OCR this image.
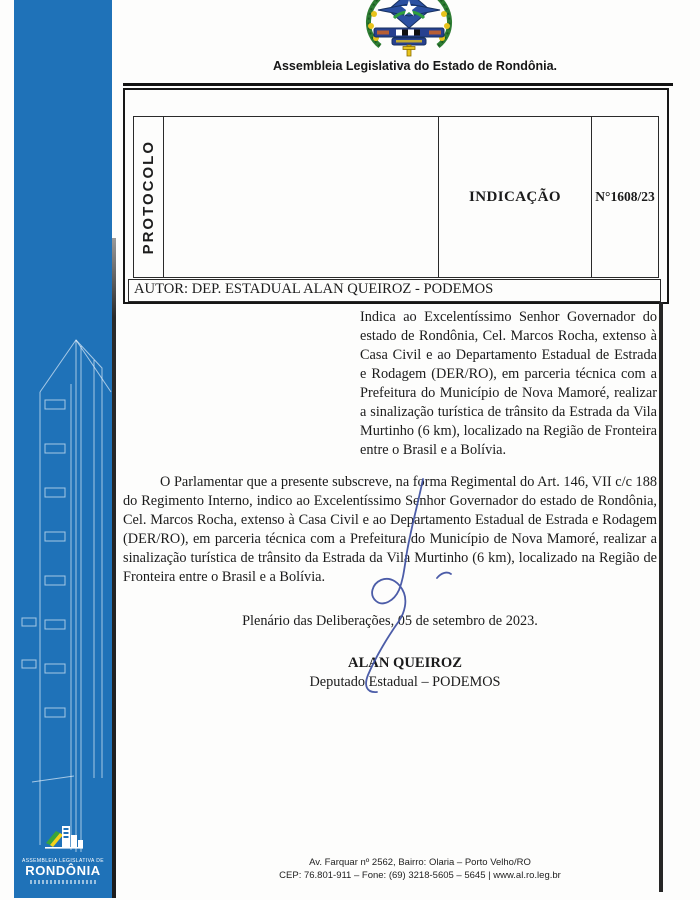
ASSEMBLEIA LEGISLATIVA DE
RONDÔNIA
Assembleia Legislativa do Estado de Rondônia.
PROTOCOLO	INDICAÇÃO	N°1608/23
AUTOR: DEP. ESTADUAL ALAN QUEIROZ - PODEMOS

Indica ao Excelentíssimo Senhor Governador do estado de Rondônia, Cel. Marcos Rocha, extenso à Casa Civil e ao Departamento Estadual de Estrada e Rodagem (DER/RO), em parceria técnica com a Prefeitura do Município de Nova Mamoré, realizar a sinalização turística de trânsito da Estrada da Vila Murtinho (6 km), localizado na Região de Fronteira entre o Brasil e a Bolívia.

O Parlamentar que a presente subscreve, na forma Regimental do Art. 146, VII c/c 188 do Regimento Interno, indico ao Excelentíssimo Senhor Governador do estado de Rondônia, Cel. Marcos Rocha, extenso à Casa Civil e ao Departamento Estadual de Estrada e Rodagem (DER/RO), em parceria técnica com a Prefeitura do Município de Nova Mamoré, realizar a sinalização turística de trânsito da Estrada da Vila Murtinho (6 km), localizado na Região de Fronteira entre o Brasil e a Bolívia.

Plenário das Deliberações, 05 de setembro de 2023.

ALAN QUEIROZ
Deputado Estadual – PODEMOS
Av. Farquar nº 2562, Bairro: Olaria – Porto Velho/RO
CEP: 76.801-911 – Fone: (69) 3218-5605 – 5645 | www.al.ro.leg.br
